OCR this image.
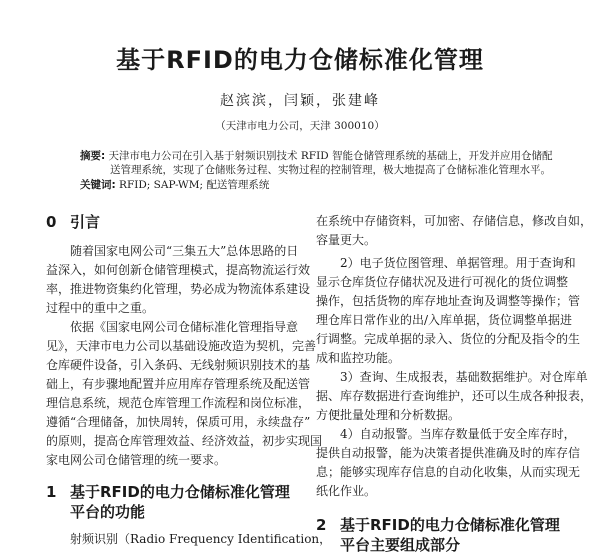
基于RFID的电力仓储标准化管理
赵滨滨，闫颖，张建峰
（天津市电力公司，天津 300010）
摘要: 天津市电力公司在引入基于射频识别技术 RFID 智能仓储管理系统的基础上，开发并应用仓储配
送管理系统，实现了仓储账务过程、实物过程的控制管理，极大地提高了仓储标准化管理水平。
关键词: RFID; SAP-WM; 配送管理系统
0 引言
随着国家电网公司“三集五大”总体思路的日
益深入，如何创新仓储管理模式，提高物流运行效
率，推进物资集约化管理，势必成为物流体系建设
过程中的重中之重。
依据《国家电网公司仓储标准化管理指导意
见》，天津市电力公司以基础设施改造为契机，完善
仓库硬件设备，引入条码、无线射频识别技术的基
础上，有步骤地配置并应用库存管理系统及配送管
理信息系统，规范仓库管理工作流程和岗位标准，
遵循“合理储备，加快周转，保质可用，永续盘存”
的原则，提高仓库管理效益、经济效益，初步实现国
家电网公司仓储管理的统一要求。
1 基于RFID的电力仓储标准化管理
平台的功能
射频识别（Radio Frequency Identification，
在系统中存储资料，可加密、存储信息，修改自如，
容量更大。
2）电子货位图管理、单据管理。用于查询和
显示仓库货位存储状况及进行可视化的货位调整
操作，包括货物的库存地址查询及调整等操作；管
理仓库日常作业的出/入库单据，货位调整单据进
行调整。完成单据的录入、货位的分配及指令的生
成和监控功能。
3）查询、生成报表，基础数据维护。对仓库单
据、库存数据进行查询维护，还可以生成各种报表，
方便批量处理和分析数据。
4）自动报警。当库存数量低于安全库存时，
提供自动报警，能为决策者提供准确及时的库存信
息；能够实现库存信息的自动化收集，从而实现无
纸化作业。
2 基于RFID的电力仓储标准化管理
平台主要组成部分
